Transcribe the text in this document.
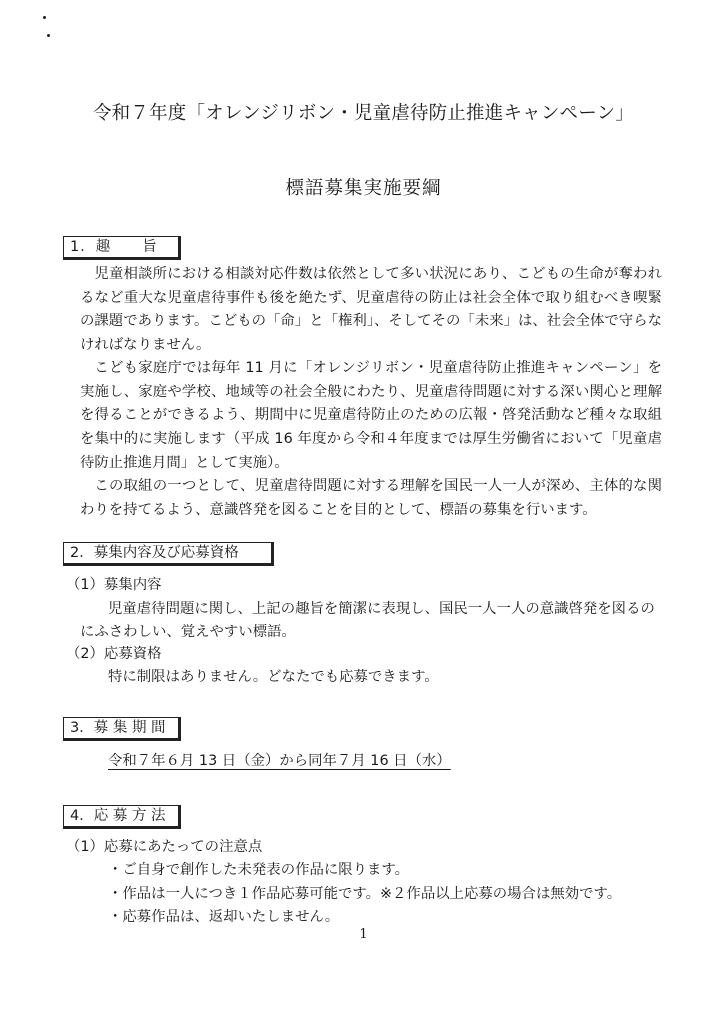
令和７年度「オレンジリボン・児童虐待防止推進キャンペーン」
標語募集実施要綱
1．趣　　旨

児童相談所における相談対応件数は依然として多い状況にあり、こどもの生命が奪われるなど重大な児童虐待事件も後を絶たず、児童虐待の防止は社会全体で取り組むべき喫緊の課題であります。こどもの「命」と「権利」、そしてその「未来」は、社会全体で守らなければなりません。

こども家庭庁では毎年 11 月に「オレンジリボン・児童虐待防止推進キャンペーン」を実施し、家庭や学校、地域等の社会全般にわたり、児童虐待問題に対する深い関心と理解を得ることができるよう、期間中に児童虐待防止のための広報・啓発活動など種々な取組を集中的に実施します（平成 16 年度から令和４年度までは厚生労働省において「児童虐待防止推進月間」として実施）。

この取組の一つとして、児童虐待問題に対する理解を国民一人一人が深め、主体的な関わりを持てるよう、意識啓発を図ることを目的として、標語の募集を行います。

2．募集内容及び応募資格
（1）募集内容
児童虐待問題に関し、上記の趣旨を簡潔に表現し、国民一人一人の意識啓発を図るの
にふさわしい、覚えやすい標語。
（2）応募資格
特に制限はありません。どなたでも応募できます。
3．募 集 期 間
令和７年６月 13 日（金）から同年７月 16 日（水）
4．応 募 方 法
（1）応募にあたっての注意点
・ご自身で創作した未発表の作品に限ります。
・作品は一人につき１作品応募可能です。※２作品以上応募の場合は無効です。
・応募作品は、返却いたしません。
1
